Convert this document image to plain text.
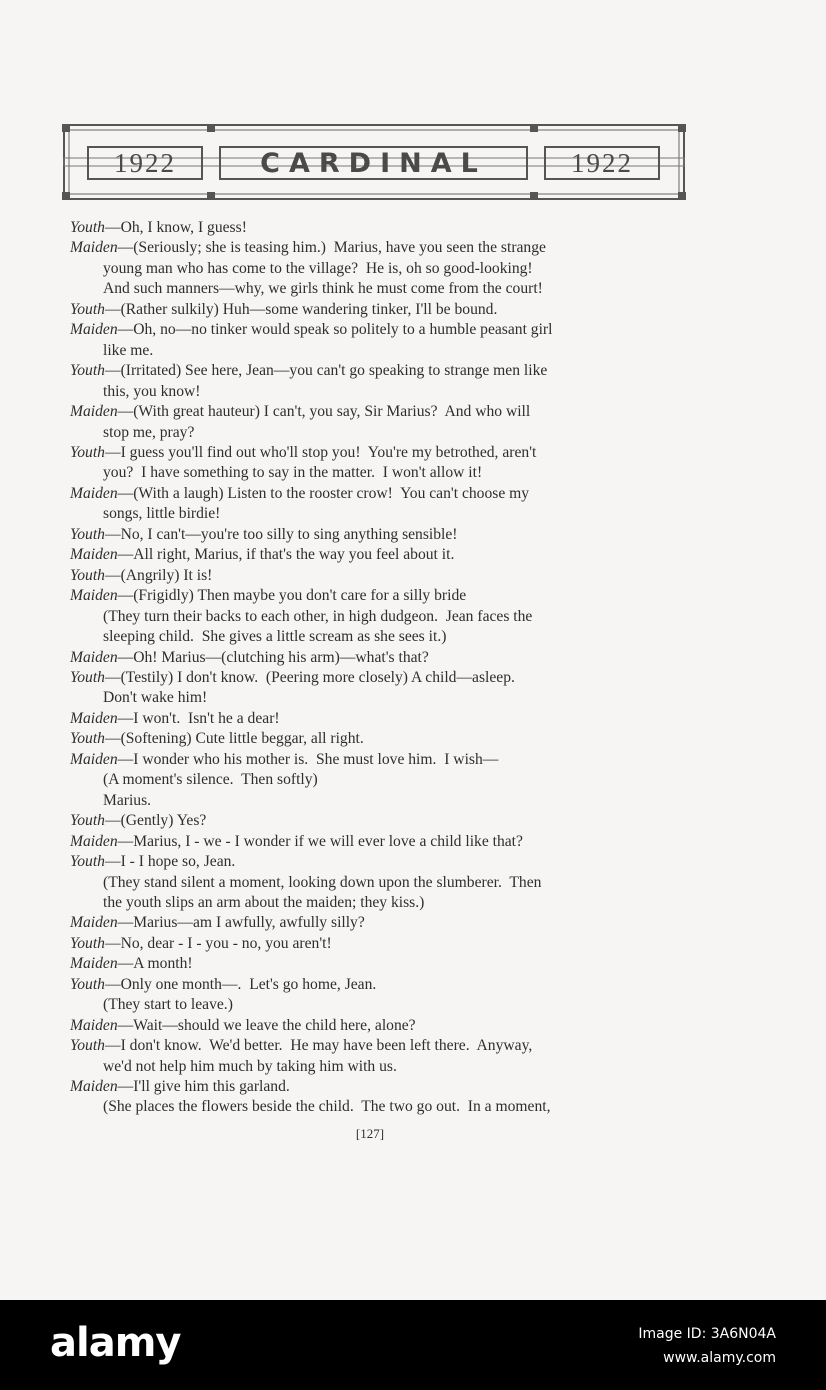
1922	CARDINAL	1922
Youth—Oh, I know, I guess!
Maiden—(Seriously; she is teasing him.)  Marius, have you seen the strange
young man who has come to the village?  He is, oh so good-looking!
And such manners—why, we girls think he must come from the court!
Youth—(Rather sulkily) Huh—some wandering tinker, I'll be bound.
Maiden—Oh, no—no tinker would speak so politely to a humble peasant girl
like me.
Youth—(Irritated) See here, Jean—you can't go speaking to strange men like
this, you know!
Maiden—(With great hauteur) I can't, you say, Sir Marius?  And who will
stop me, pray?
Youth—I guess you'll find out who'll stop you!  You're my betrothed, aren't
you?  I have something to say in the matter.  I won't allow it!
Maiden—(With a laugh) Listen to the rooster crow!  You can't choose my
songs, little birdie!
Youth—No, I can't—you're too silly to sing anything sensible!
Maiden—All right, Marius, if that's the way you feel about it.
Youth—(Angrily) It is!
Maiden—(Frigidly) Then maybe you don't care for a silly bride
(They turn their backs to each other, in high dudgeon.  Jean faces the
sleeping child.  She gives a little scream as she sees it.)
Maiden—Oh! Marius—(clutching his arm)—what's that?
Youth—(Testily) I don't know.  (Peering more closely) A child—asleep.
Don't wake him!
Maiden—I won't.  Isn't he a dear!
Youth—(Softening) Cute little beggar, all right.
Maiden—I wonder who his mother is.  She must love him.  I wish—
(A moment's silence.  Then softly)
Marius.
Youth—(Gently) Yes?
Maiden—Marius, I - we - I wonder if we will ever love a child like that?
Youth—I - I hope so, Jean.
(They stand silent a moment, looking down upon the slumberer.  Then
the youth slips an arm about the maiden; they kiss.)
Maiden—Marius—am I awfully, awfully silly?
Youth—No, dear - I - you - no, you aren't!
Maiden—A month!
Youth—Only one month—.  Let's go home, Jean.
(They start to leave.)
Maiden—Wait—should we leave the child here, alone?
Youth—I don't know.  We'd better.  He may have been left there.  Anyway,
we'd not help him much by taking him with us.
Maiden—I'll give him this garland.
(She places the flowers beside the child.  The two go out.  In a moment,
[127]
alamy	Image ID: 3A6N04A
www.alamy.com
